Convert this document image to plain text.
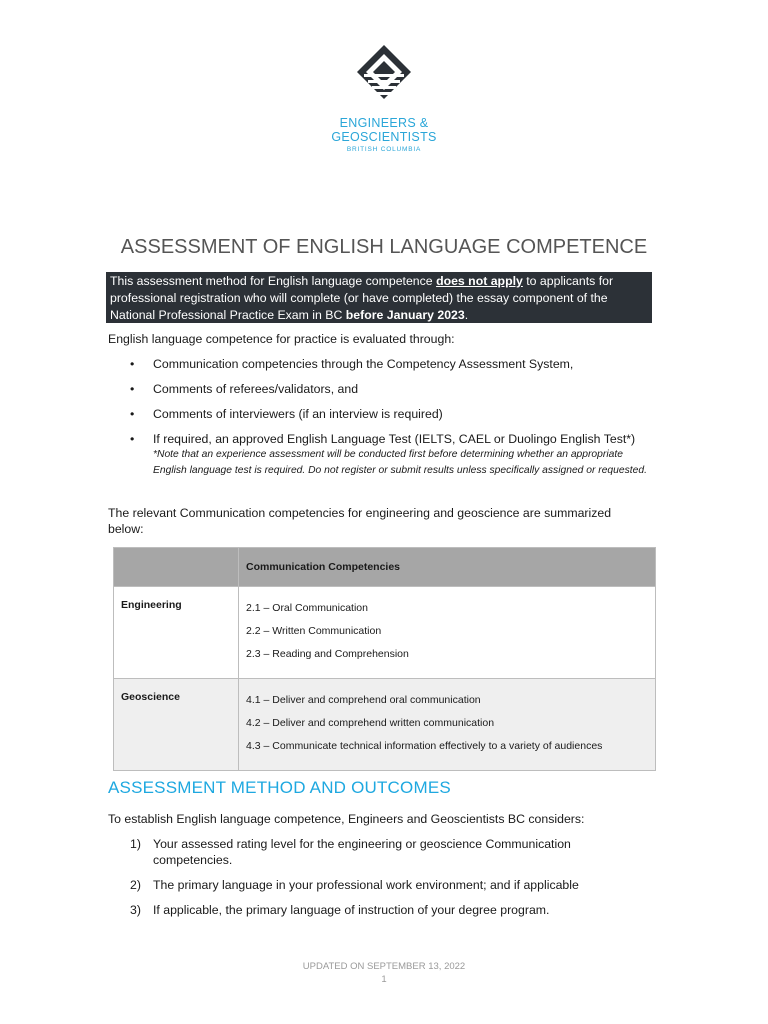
ENGINEERS &
GEOSCIENTISTS
BRITISH COLUMBIA
ASSESSMENT OF ENGLISH LANGUAGE COMPETENCE
This assessment method for English language competence does not apply to applicants for professional registration who will complete (or have completed) the essay component of the National Professional Practice Exam in BC before January 2023.
English language competence for practice is evaluated through:
• Communication competencies through the Competency Assessment System,
• Comments of referees/validators, and
• Comments of interviewers (if an interview is required)
• If required, an approved English Language Test (IELTS, CAEL or Duolingo English Test*)
*Note that an experience assessment will be conducted first before determining whether an appropriate English language test is required. Do not register or submit results unless specifically assigned or requested.
The relevant Communication competencies for engineering and geoscience are summarized below:
	Communication Competencies
Engineering	2.1 – Oral Communication
2.2 – Written Communication
2.3 – Reading and Comprehension

Geoscience	4.1 – Deliver and comprehend oral communication
4.2 – Deliver and comprehend written communication
4.3 – Communicate technical information effectively to a variety of audiences
ASSESSMENT METHOD AND OUTCOMES
To establish English language competence, Engineers and Geoscientists BC considers:
1) Your assessed rating level for the engineering or geoscience Communication competencies.
2) The primary language in your professional work environment; and if applicable
3) If applicable, the primary language of instruction of your degree program.
UPDATED ON SEPTEMBER 13, 2022
1
